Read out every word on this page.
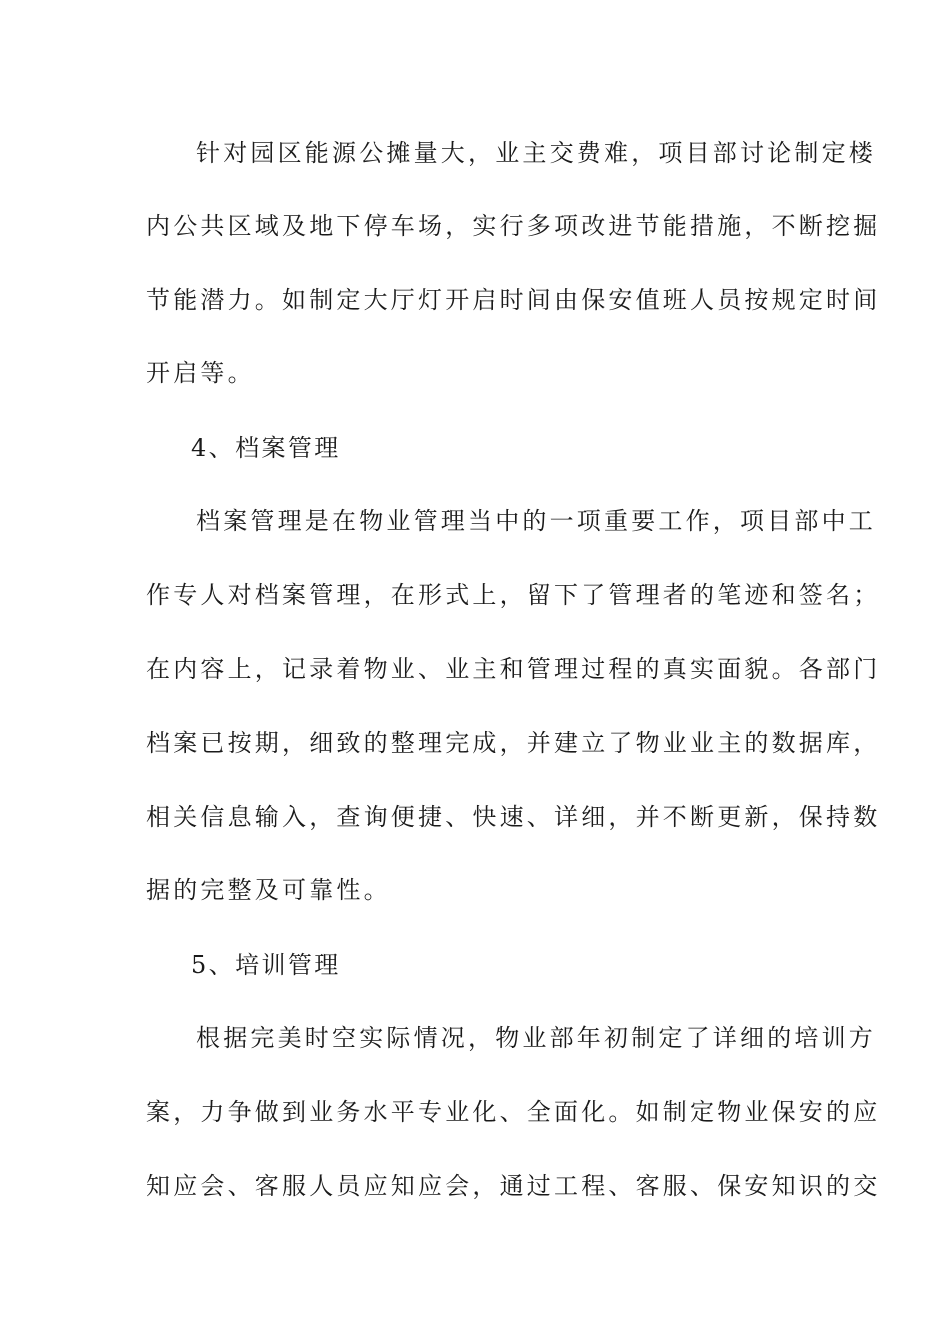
针对园区能源公摊量大，业主交费难，项目部讨论制定楼
内公共区域及地下停车场，实行多项改进节能措施，不断挖掘
节能潜力。如制定大厅灯开启时间由保安值班人员按规定时间
开启等。
4、档案管理
档案管理是在物业管理当中的一项重要工作，项目部中工
作专人对档案管理，在形式上，留下了管理者的笔迹和签名；
在内容上，记录着物业、业主和管理过程的真实面貌。各部门
档案已按期，细致的整理完成，并建立了物业业主的数据库，
相关信息输入，查询便捷、快速、详细，并不断更新，保持数
据的完整及可靠性。
5、培训管理
根据完美时空实际情况，物业部年初制定了详细的培训方
案，力争做到业务水平专业化、全面化。如制定物业保安的应
知应会、客服人员应知应会，通过工程、客服、保安知识的交
